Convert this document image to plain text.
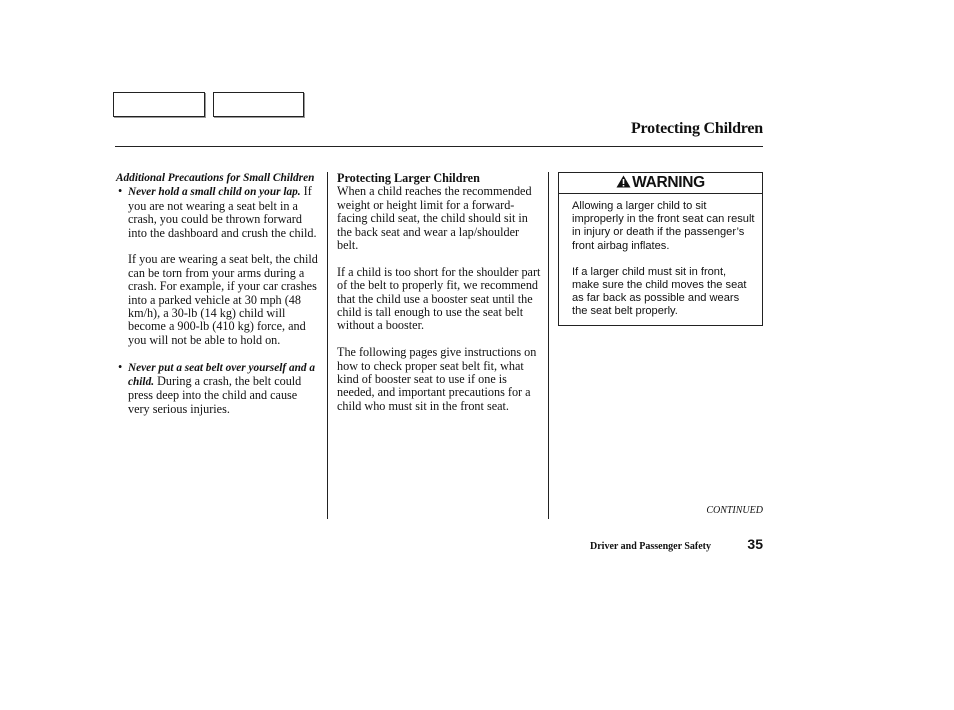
Protecting Children
Additional Precautions for Small Children
• Never hold a small child on your lap. If you are not wearing a seat belt in a crash, you could be thrown forward into the dashboard and crush the child.

If you are wearing a seat belt, the child can be torn from your arms during a crash. For example, if your car crashes into a parked vehicle at 30 mph (48 km/h), a 30-lb (14 kg) child will become a 900-lb (410 kg) force, and you will not be able to hold on.

• Never put a seat belt over yourself and a child. During a crash, the belt could press deep into the child and cause very serious injuries.

Protecting Larger Children

When a child reaches the recommended weight or height limit for a forward-facing child seat, the child should sit in the back seat and wear a lap/shoulder belt.

If a child is too short for the shoulder part of the belt to properly fit, we recommend that the child use a booster seat until the child is tall enough to use the seat belt without a booster.

The following pages give instructions on how to check proper seat belt fit, what kind of booster seat to use if one is needed, and important precautions for a child who must sit in the front seat.

WARNING

Allowing a larger child to sit improperly in the front seat can result in injury or death if the passenger’s front airbag inflates.

If a larger child must sit in front, make sure the child moves the seat as far back as possible and wears the seat belt properly.

CONTINUED
Driver and Passenger Safety	35
